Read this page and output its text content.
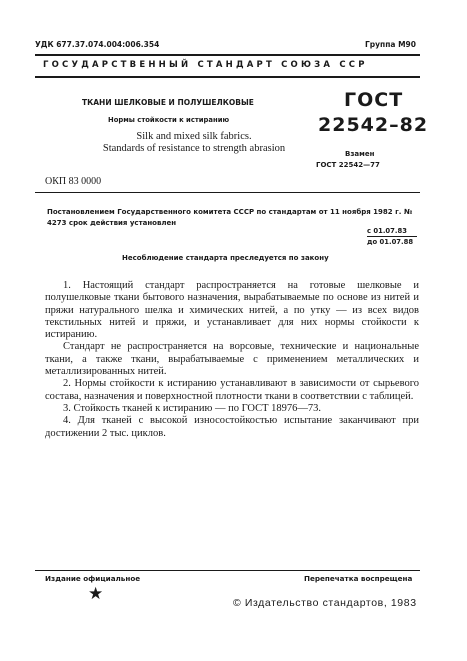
УДК 677.37.074.004:006.354	Группа М90
ГОСУДАРСТВЕННЫЙ СТАНДАРТ СОЮЗА ССР
ТКАНИ ШЕЛКОВЫЕ И ПОЛУШЕЛКОВЫЕ
Нормы стойкости к истиранию
Silk and mixed silk fabrics.
Standards of resistance to strength abrasion
ГОСТ
22542–82
Взамен
ГОСТ 22542—77
ОКП 83 0000
Постановлением Государственного комитета СССР по стандартам от 11 ноября 1982 г. № 4273 срок действия установлен
с 01.07.83
до 01.07.88
Несоблюдение стандарта преследуется по закону

1. Настоящий стандарт распространяется на готовые шелковые и полушелковые ткани бытового назначения, вырабатываемые по основе из нитей и пряжи натурального шелка и химических нитей, а по утку — из всех видов текстильных нитей и пряжи, и устанавливает для них нормы стойкости к истиранию.

Стандарт не распространяется на ворсовые, технические и национальные ткани, а также ткани, вырабатываемые с применением металлических и металлизированных нитей.

2. Нормы стойкости к истиранию устанавливают в зависимости от сырьевого состава, назначения и поверхностной плотности ткани в соответствии с таблицей.

3. Стойкость тканей к истиранию — по ГОСТ 18976—73.

4. Для тканей с высокой износостойкостью испытание заканчивают при достижении 2 тыс. циклов.

Издание официальное	Перепечатка воспрещена
★	© Издательство стандартов, 1983
